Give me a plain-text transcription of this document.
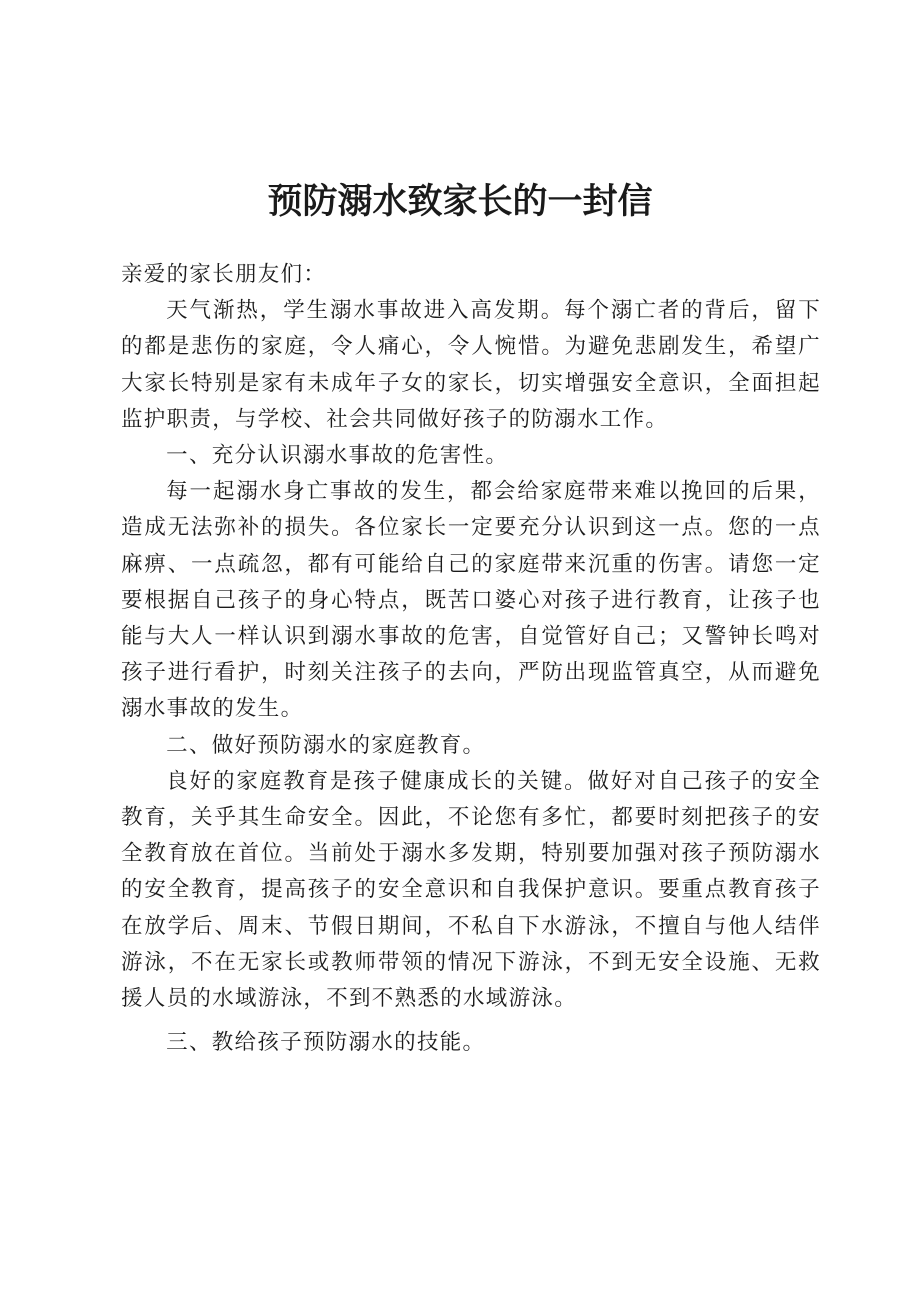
预防溺水致家长的一封信

亲爱的家长朋友们：

天气渐热，学生溺水事故进入高发期。每个溺亡者的背后，留下的都是悲伤的家庭，令人痛心，令人惋惜。为避免悲剧发生，希望广大家长特别是家有未成年子女的家长，切实增强安全意识，全面担起监护职责，与学校、社会共同做好孩子的防溺水工作。

一、充分认识溺水事故的危害性。

每一起溺水身亡事故的发生，都会给家庭带来难以挽回的后果，造成无法弥补的损失。各位家长一定要充分认识到这一点。您的一点麻痹、一点疏忽，都有可能给自己的家庭带来沉重的伤害。请您一定要根据自己孩子的身心特点，既苦口婆心对孩子进行教育，让孩子也能与大人一样认识到溺水事故的危害，自觉管好自己；又警钟长鸣对孩子进行看护，时刻关注孩子的去向，严防出现监管真空，从而避免溺水事故的发生。

二、做好预防溺水的家庭教育。

良好的家庭教育是孩子健康成长的关键。做好对自己孩子的安全教育，关乎其生命安全。因此，不论您有多忙，都要时刻把孩子的安全教育放在首位。当前处于溺水多发期，特别要加强对孩子预防溺水的安全教育，提高孩子的安全意识和自我保护意识。要重点教育孩子在放学后、周末、节假日期间，不私自下水游泳，不擅自与他人结伴游泳，不在无家长或教师带领的情况下游泳，不到无安全设施、无救援人员的水域游泳，不到不熟悉的水域游泳。

三、教给孩子预防溺水的技能。
